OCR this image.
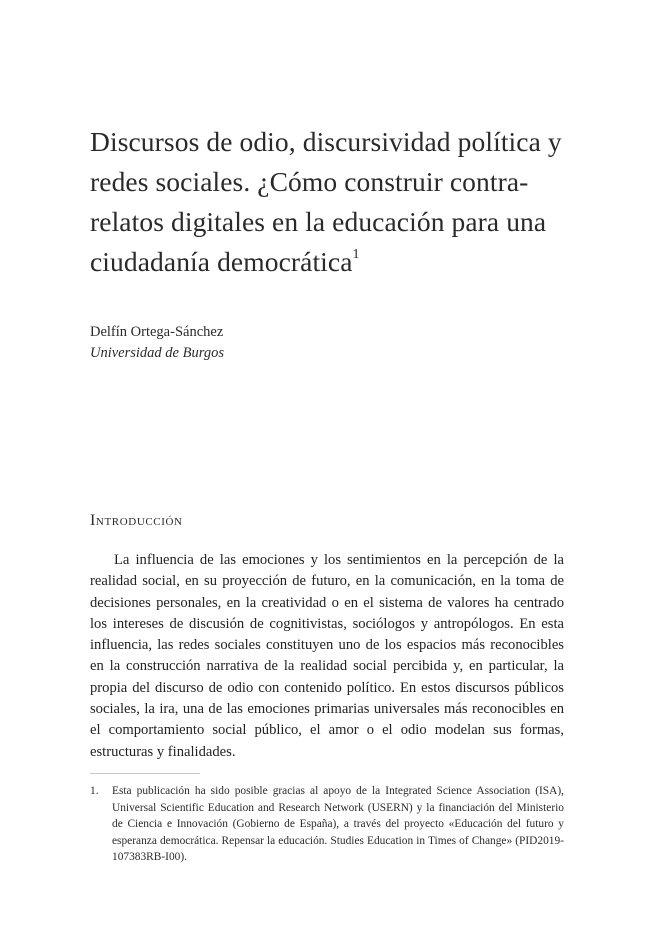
Discursos de odio, discursividad política y redes sociales. ¿Cómo construir contra-relatos digitales en la educación para una ciudadanía democrática$^1$
Delfín Ortega-Sánchez
Universidad de Burgos
Introducción

La influencia de las emociones y los sentimientos en la percepción de la realidad social, en su proyección de futuro, en la comunicación, en la toma de decisiones personales, en la creatividad o en el sistema de valores ha centrado los intereses de discusión de cognitivistas, sociólogos y antropólogos. En esta influencia, las redes sociales constituyen uno de los espacios más reconocibles en la construcción narrativa de la realidad social percibida y, en particular, la propia del discurso de odio con contenido político. En estos discursos públicos sociales, la ira, una de las emociones primarias universales más reconocibles en el comportamiento social público, el amor o el odio modelan sus formas, estructuras y finalidades.

1. Esta publicación ha sido posible gracias al apoyo de la Integrated Science Association (ISA), Universal Scientific Education and Research Network (USERN) y la financiación del Ministerio de Ciencia e Innovación (Gobierno de España), a través del proyecto «Educación del futuro y esperanza democrática. Repensar la educación. Studies Education in Times of Change» (PID2019-107383RB-I00).
